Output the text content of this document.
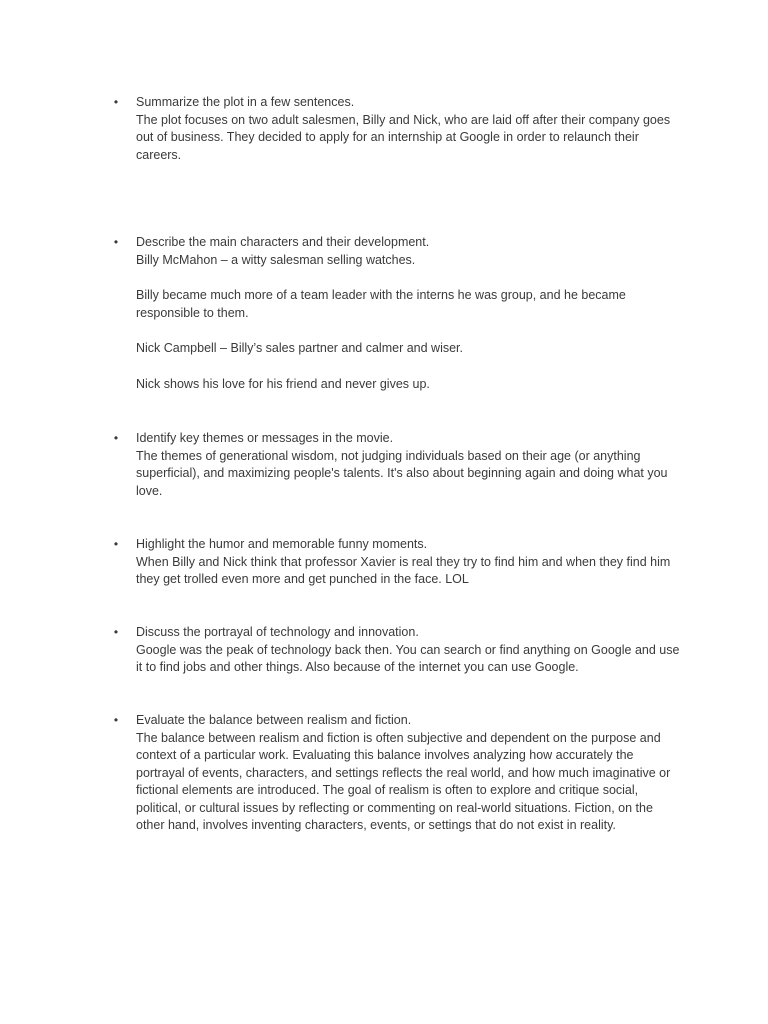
• Summarize the plot in a few sentences.

The plot focuses on two adult salesmen, Billy and Nick, who are laid off after their company goes out of business. They decided to apply for an internship at Google in order to relaunch their careers.

• Describe the main characters and their development.

Billy McMahon – a witty salesman selling watches.

Billy became much more of a team leader with the interns he was group, and he became responsible to them.

Nick Campbell – Billy’s sales partner and calmer and wiser.

Nick shows his love for his friend and never gives up.

• Identify key themes or messages in the movie.

The themes of generational wisdom, not judging individuals based on their age (or anything superficial), and maximizing people's talents. It's also about beginning again and doing what you love.

• Highlight the humor and memorable funny moments.

When Billy and Nick think that professor Xavier is real they try to find him and when they find him they get trolled even more and get punched in the face. LOL

• Discuss the portrayal of technology and innovation.

Google was the peak of technology back then. You can search or find anything on Google and use it to find jobs and other things. Also because of the internet you can use Google.

• Evaluate the balance between realism and fiction.

The balance between realism and fiction is often subjective and dependent on the purpose and context of a particular work. Evaluating this balance involves analyzing how accurately the portrayal of events, characters, and settings reflects the real world, and how much imaginative or fictional elements are introduced. The goal of realism is often to explore and critique social, political, or cultural issues by reflecting or commenting on real-world situations. Fiction, on the other hand, involves inventing characters, events, or settings that do not exist in reality.
